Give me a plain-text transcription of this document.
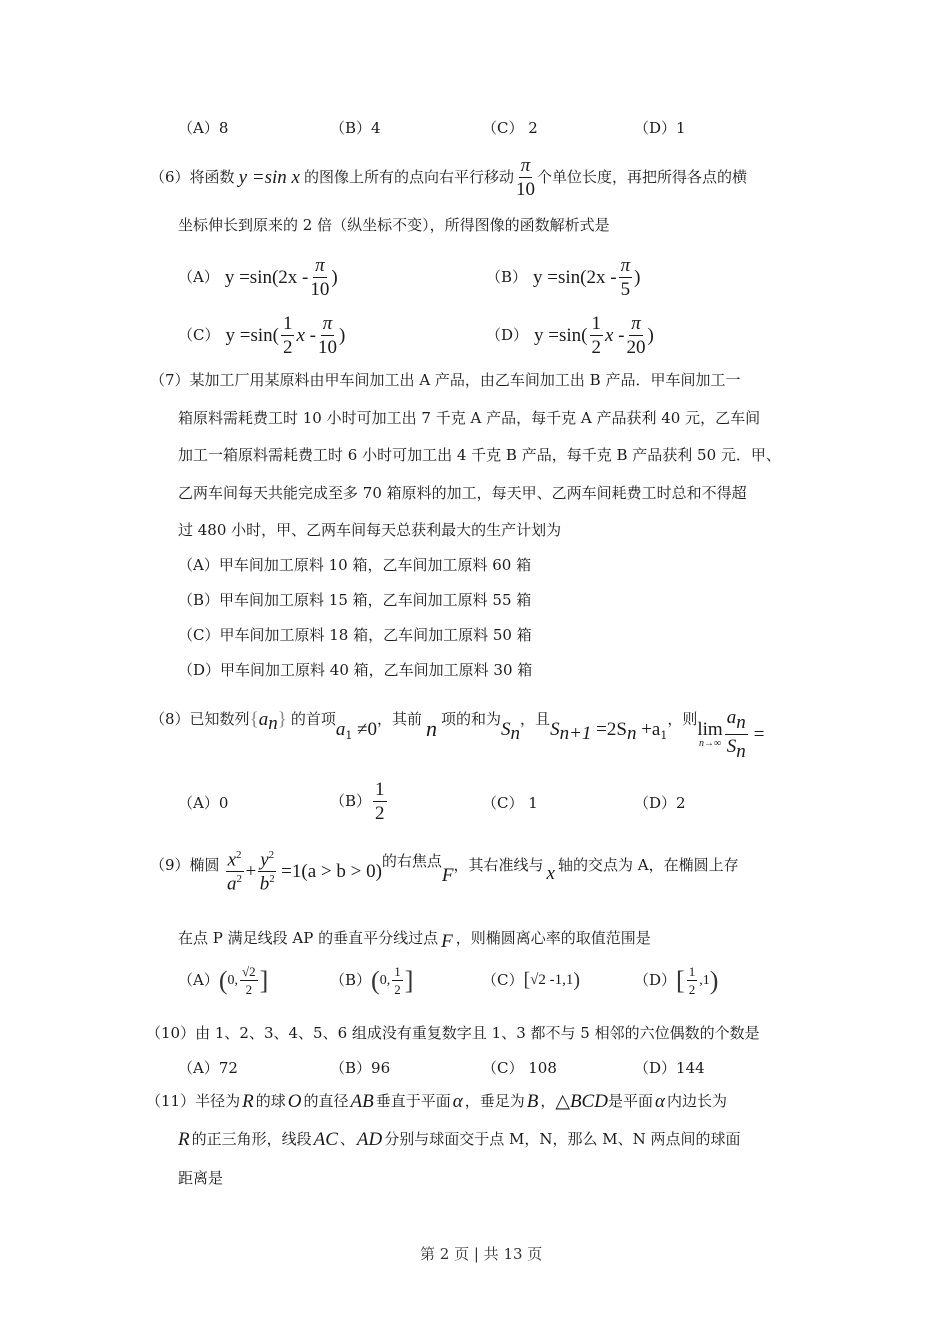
（A）8	（B）4	（C） 2	（D）1
（6） 将函数 y =sin x 的图像上所有的点向右平行移动 $\frac{\pi}{10}$ 个单位长度，再把所得各点的横
坐标伸长到原来的 2 倍（纵坐标不变），所得图像的函数解析式是
（A） $y =\sin(2x - \frac{\pi}{10}$ )	（B） $y =\sin(2x - \frac{\pi}{5}$ )
（C） $y =\sin( \frac{1}{2}$ x - $\frac{\pi}{10}$ )	（D） $y =\sin( \frac{1}{2}$ x - $\frac{\pi}{20}$ )
（7）某加工厂用某原料由甲车间加工出 A 产品，由乙车间加工出 B 产品．甲车间加工一
箱原料需耗费工时 10 小时可加工出 7 千克 A 产品，每千克 A 产品获利 40 元，乙车间
加工一箱原料需耗费工时 6 小时可加工出 4 千克 B 产品，每千克 B 产品获利 50 元．甲、
乙两车间每天共能完成至多 70 箱原料的加工，每天甲、乙两车间耗费工时总和不得超
过 480 小时，甲、乙两车间每天总获利最大的生产计划为
（A）甲车间加工原料 10 箱，乙车间加工原料 60 箱
（B）甲车间加工原料 15 箱，乙车间加工原料 55 箱
（C）甲车间加工原料 18 箱，乙车间加工原料 50 箱
（D）甲车间加工原料 40 箱，乙车间加工原料 30 箱
（8） 已知数列 $\{a_n\}$ 的首项 $a_1 \ne 0$ ，其前 n 项的和为 $S_n$
，且 $S_{n+1} =2S_n +a_1$
，则 lim
$n\to\infty \frac{a_n}{S_n}$ =
（A）0	$(B) \frac{1}{2}$	（C） 1	（D）2
（9） 椭圆 $\frac{x^2}{a^2} + \frac{y^2}{b^2} =1(a > b > 0)$
的右焦点
F ，其右准线与 x 轴的交点为 A，在椭圆上存
在点 P 满足线段 AP 的垂直平分线过点 F ，则椭圆离心率的取值范围是
（A） ( 0, $\frac{√2}{2}$ ]	（B） ( 0, $\frac{1}{2}$ ]	（C） [ √2 -1,1 )	（D） [ $\frac{1}{2} ,1$ )
（10）由 1、2、3、4、5、6 组成没有重复数字且 1、3 都不与 5 相邻的六位偶数的个数是
（A）72	（B）96	（C） 108	（D）144
（11） 半径为 R 的球 O 的直径 AB 垂直于平面 α ，垂足为 B ， △BCD 是平面 α 内边长为
R 的正三角形，线段 AC 、 AD 分别与球面交于点 M，N，那么 M、N 两点间的球面
距离是
第 2 页 | 共 13 页
